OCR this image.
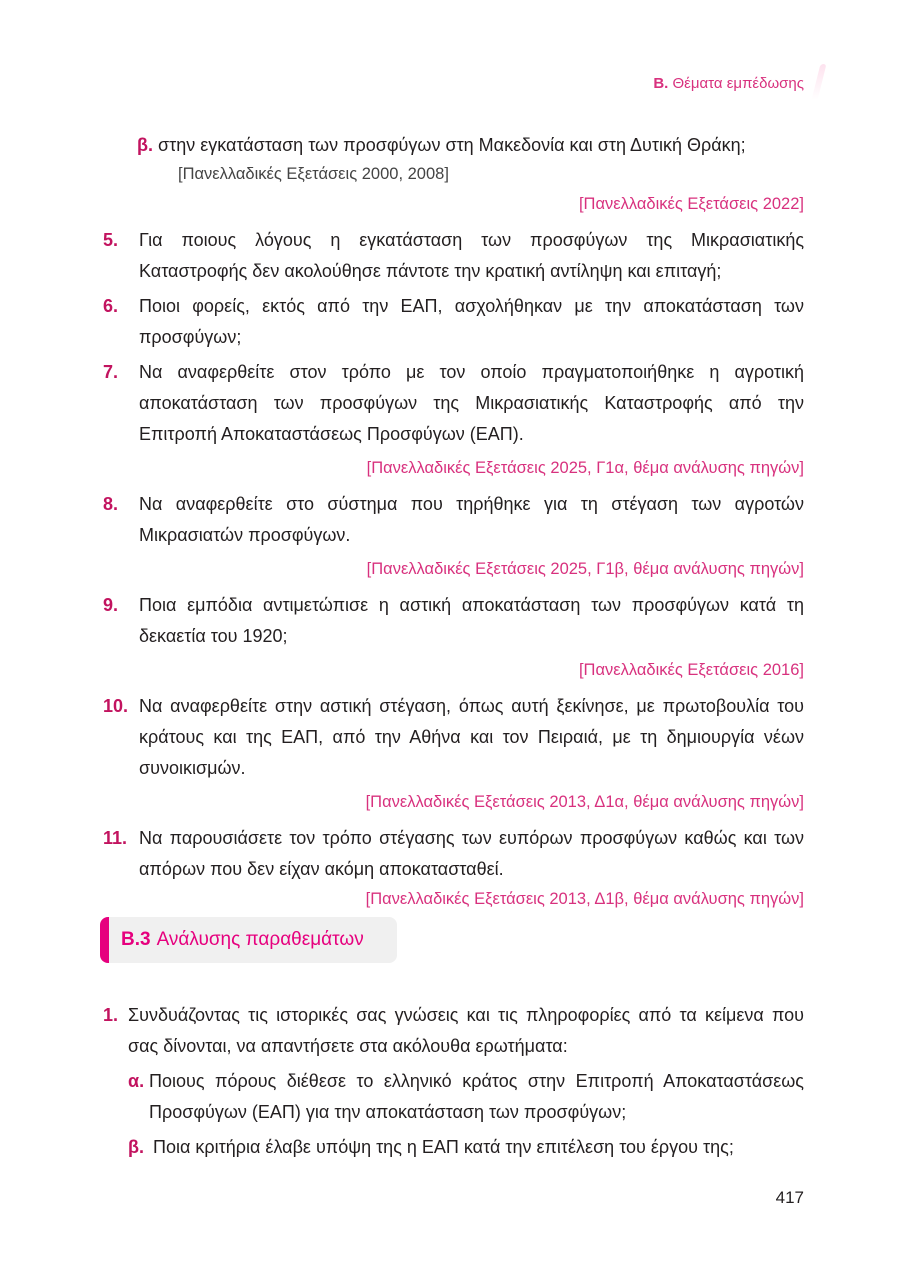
Β. Θέματα εμπέδωσης
β. στην εγκατάσταση των προσφύγων στη Μακεδονία και στη Δυτική Θράκη;
[Πανελλαδικές Εξετάσεις 2000, 2008]
[Πανελλαδικές Εξετάσεις 2022]
5.	Για ποιους λόγους η εγκατάσταση των προσφύγων της Μικρασιατικής Καταστροφής δεν ακολούθησε πάντοτε την κρατική αντίληψη και επιταγή;
6.	Ποιοι φορείς, εκτός από την ΕΑΠ, ασχολήθηκαν με την αποκατάσταση των προσφύγων;
7.	Να αναφερθείτε στον τρόπο με τον οποίο πραγματοποιήθηκε η αγροτική αποκατάσταση των προσφύγων της Μικρασιατικής Καταστροφής από την Επιτροπή Αποκαταστάσεως Προσφύγων (ΕΑΠ).
[Πανελλαδικές Εξετάσεις 2025, Γ1α, θέμα ανάλυσης πηγών]
8.	Να αναφερθείτε στο σύστημα που τηρήθηκε για τη στέγαση των αγροτών Μικρασιατών προσφύγων.
[Πανελλαδικές Εξετάσεις 2025, Γ1β, θέμα ανάλυσης πηγών]
9.	Ποια εμπόδια αντιμετώπισε η αστική αποκατάσταση των προσφύγων κατά τη δεκαετία του 1920;
[Πανελλαδικές Εξετάσεις 2016]
10. Να αναφερθείτε στην αστική στέγαση, όπως αυτή ξεκίνησε, με πρωτοβουλία του κράτους και της ΕΑΠ, από την Αθήνα και τον Πειραιά, με τη δημιουργία νέων συνοικισμών.
[Πανελλαδικές Εξετάσεις 2013, Δ1α, θέμα ανάλυσης πηγών]
11. Να παρουσιάσετε τον τρόπο στέγασης των ευπόρων προσφύγων καθώς και των απόρων που δεν είχαν ακόμη αποκατασταθεί.
[Πανελλαδικές Εξετάσεις 2013, Δ1β, θέμα ανάλυσης πηγών]
Β.3 Ανάλυσης παραθεμάτων
1. Συνδυάζοντας τις ιστορικές σας γνώσεις και τις πληροφορίες από τα κείμενα που σας δίνονται, να απαντήσετε στα ακόλουθα ερωτήματα:
α. Ποιους πόρους διέθεσε το ελληνικό κράτος στην Επιτροπή Αποκαταστάσεως Προσφύγων (ΕΑΠ) για την αποκατάσταση των προσφύγων;
β. Ποια κριτήρια έλαβε υπόψη της η ΕΑΠ κατά την επιτέλεση του έργου της;
417
